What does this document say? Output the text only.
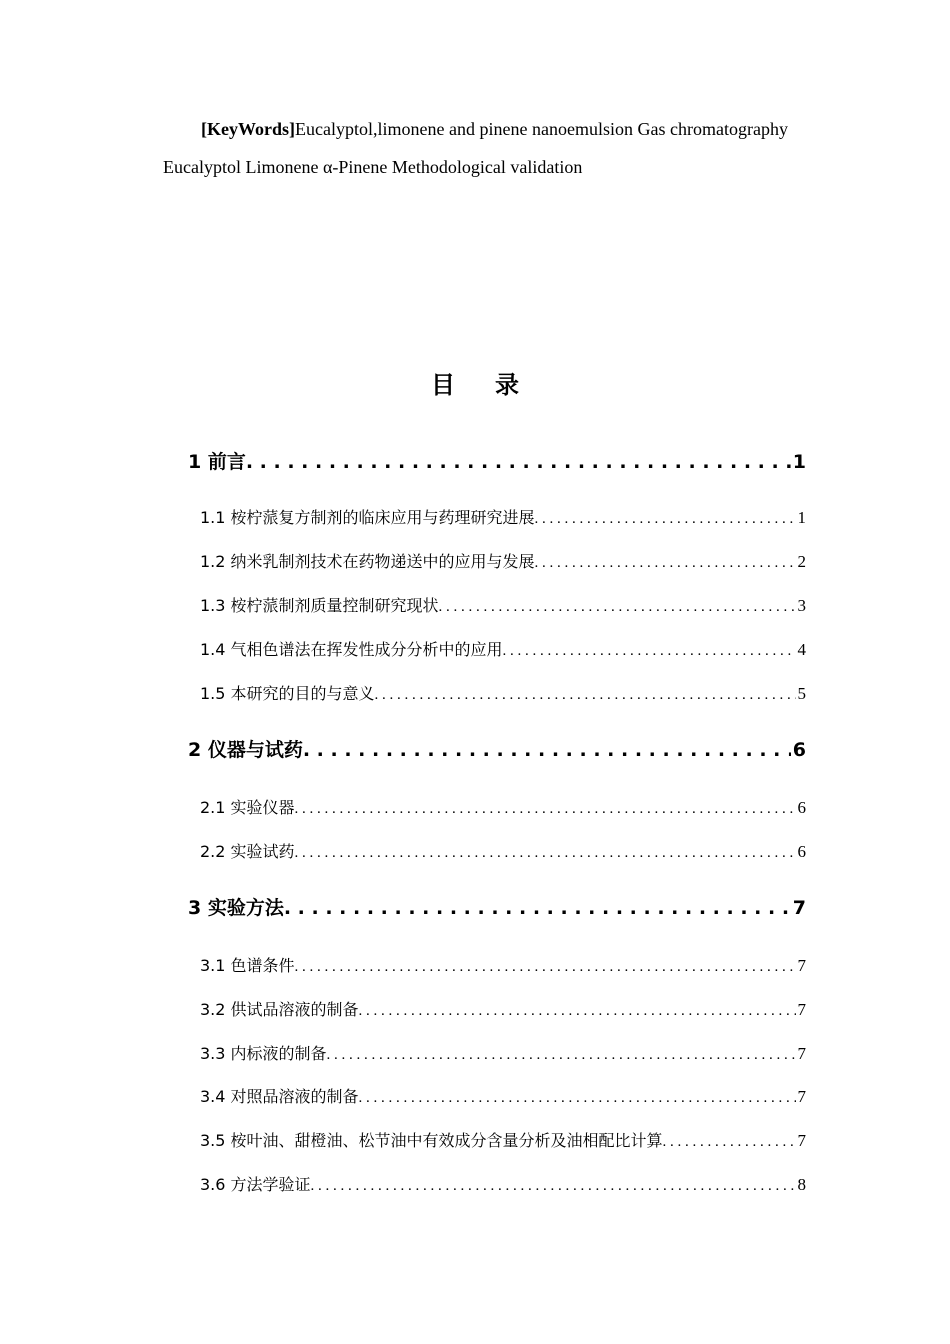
[KeyWords]Eucalyptol,limonene and pinene nanoemulsion Gas chromatography Eucalyptol Limonene α-Pinene Methodological validation
目录
1 前言 . . .	1
1.1 桉柠蒎复方制剂的临床应用与药理研究进展 . . .	1
1.2 纳米乳制剂技术在药物递送中的应用与发展 . . .	2
1.3 桉柠蒎制剂质量控制研究现状 . . .	3
1.4 气相色谱法在挥发性成分分析中的应用 . . .	4
1.5 本研究的目的与意义 . . .	5
2 仪器与试药 . . .	6
2.1 实验仪器 . . .	6
2.2 实验试药 . . .	6
3 实验方法 . . .	7
3.1 色谱条件 . . .	7
3.2 供试品溶液的制备 . . .	7
3.3 内标液的制备 . . .	7
3.4 对照品溶液的制备 . . .	7
3.5 桉叶油、甜橙油、松节油中有效成分含量分析及油相配比计算 . . .	7
3.6 方法学验证 . . .	8
